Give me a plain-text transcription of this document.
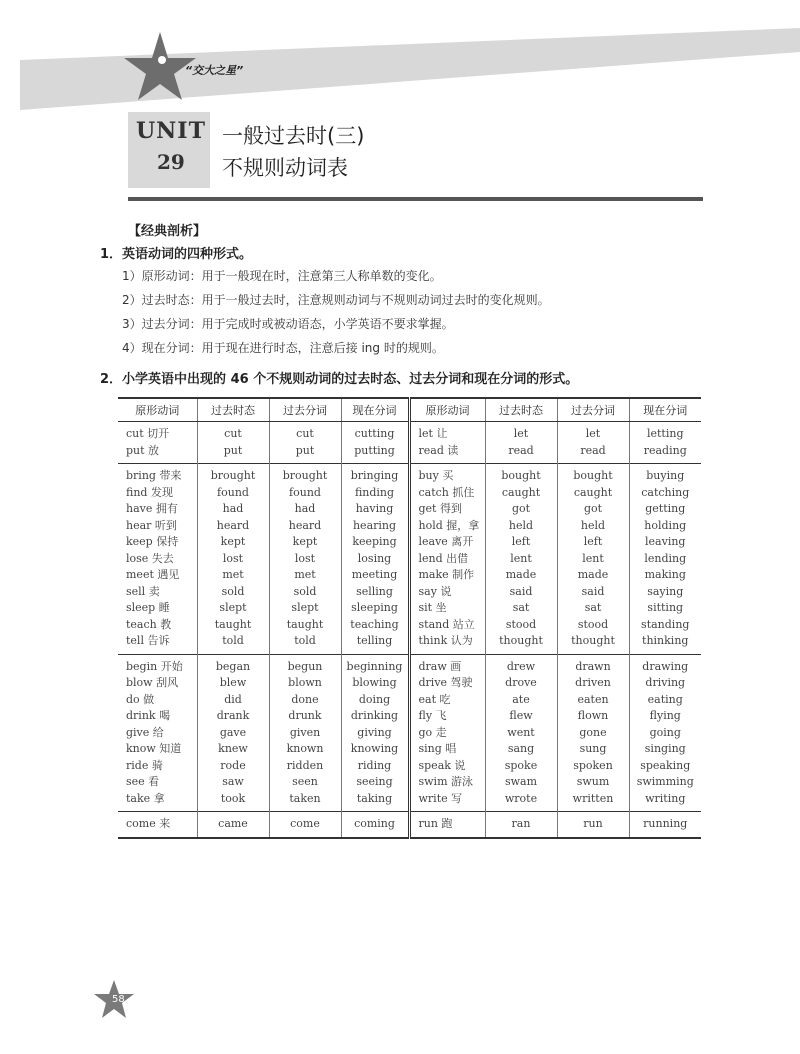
“交大之星”
UNIT
29
一般过去时(三)
不规则动词表
【经典剖析】
1．英语动词的四种形式。
1）原形动词：用于一般现在时，注意第三人称单数的变化。
2）过去时态：用于一般过去时，注意规则动词与不规则动词过去时的变化规则。
3）过去分词：用于完成时或被动语态，小学英语不要求掌握。
4）现在分词：用于现在进行时态，注意后接 ing 时的规则。
2．小学英语中出现的 46 个不规则动词的过去时态、过去分词和现在分词的形式。
原形动词	过去时态	过去分词	现在分词	原形动词	过去时态	过去分词	现在分词
cut 切开	cut	cut	cutting	let 让	let	let	letting
put 放	put	put	putting	read 读	read	read	reading
bring 带来	brought	brought	bringing	buy 买	bought	bought	buying
find 发现	found	found	finding	catch 抓住	caught	caught	catching
have 拥有	had	had	having	get 得到	got	got	getting
hear 听到	heard	heard	hearing	hold 握，拿	held	held	holding
keep 保持	kept	kept	keeping	leave 离开	left	left	leaving
lose 失去	lost	lost	losing	lend 出借	lent	lent	lending
meet 遇见	met	met	meeting	make 制作	made	made	making
sell 卖	sold	sold	selling	say 说	said	said	saying
sleep 睡	slept	slept	sleeping	sit 坐	sat	sat	sitting
teach 教	taught	taught	teaching	stand 站立	stood	stood	standing
tell 告诉	told	told	telling	think 认为	thought	thought	thinking
begin 开始	began	begun	beginning	draw 画	drew	drawn	drawing
blow 刮风	blew	blown	blowing	drive 驾驶	drove	driven	driving
do 做	did	done	doing	eat 吃	ate	eaten	eating
drink 喝	drank	drunk	drinking	fly 飞	flew	flown	flying
give 给	gave	given	giving	go 走	went	gone	going
know 知道	knew	known	knowing	sing 唱	sang	sung	singing
ride 骑	rode	ridden	riding	speak 说	spoke	spoken	speaking
see 看	saw	seen	seeing	swim 游泳	swam	swum	swimming
take 拿	took	taken	taking	write 写	wrote	written	writing
come 来	came	come	coming	run 跑	ran	run	running
58
